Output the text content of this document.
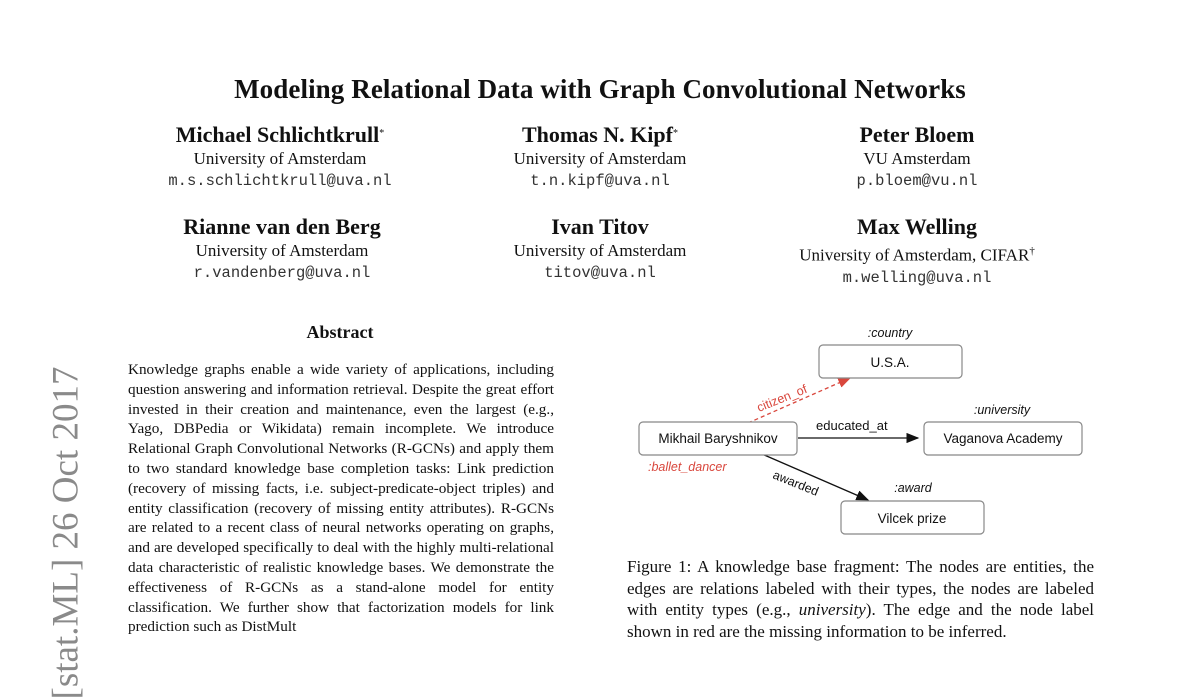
Modeling Relational Data with Graph Convolutional Networks
Michael Schlichtkrull*
University of Amsterdam
m.s.schlichtkrull@uva.nl
Thomas N. Kipf*
University of Amsterdam
t.n.kipf@uva.nl
Peter Bloem
VU Amsterdam
p.bloem@vu.nl
Rianne van den Berg
University of Amsterdam
r.vandenberg@uva.nl
Ivan Titov
University of Amsterdam
titov@uva.nl
Max Welling
University of Amsterdam, CIFAR†
m.welling@uva.nl
[stat.ML] 26 Oct 2017
Abstract
Knowledge graphs enable a wide variety of applications, including question answering and information retrieval. Despite the great effort invested in their creation and maintenance, even the largest (e.g., Yago, DBPedia or Wikidata) remain incomplete. We introduce Relational Graph Convolutional Networks (R-GCNs) and apply them to two standard knowledge base completion tasks: Link prediction (recovery of missing facts, i.e. subject-predicate-object triples) and entity classification (recovery of missing entity attributes). R-GCNs are related to a recent class of neural networks operating on graphs, and are developed specifically to deal with the highly multi-relational data characteristic of realistic knowledge bases. We demonstrate the effectiveness of R-GCNs as a stand-alone model for entity classification. We further show that factorization models for link prediction such as DistMult
citizen_of
educated_at
awarded
:country
U.S.A.
Mikhail Baryshnikov
:ballet_dancer
:university
Vaganova Academy
:award
Vilcek prize
Figure 1: A knowledge base fragment: The nodes are entities, the edges are relations labeled with their types, the nodes are labeled with entity types (e.g., university). The edge and the node label shown in red are the missing information to be inferred.
